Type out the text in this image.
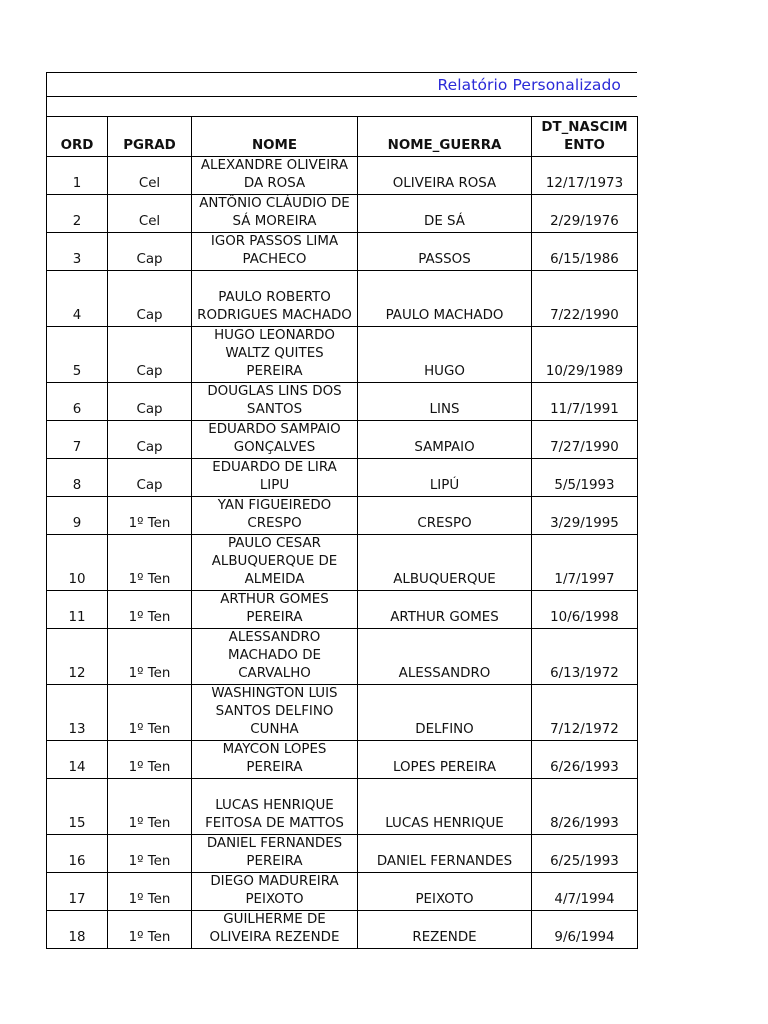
Relatório Personalizado
ORD	PGRAD	NOME	NOME_GUERRA	DT_NASCIM
ENTO
1	Cel	ALEXANDRE OLIVEIRA
DA ROSA	OLIVEIRA ROSA	12/17/1973
2	Cel	ANTÔNIO CLÁUDIO DE
SÁ MOREIRA	DE SÁ	2/29/1976
3	Cap	IGOR PASSOS LIMA
PACHECO	PASSOS	6/15/1986
4	Cap	PAULO ROBERTO
RODRIGUES MACHADO	PAULO MACHADO	7/22/1990
5	Cap	HUGO LEONARDO
WALTZ QUITES
PEREIRA	HUGO	10/29/1989
6	Cap	DOUGLAS LINS DOS
SANTOS	LINS	11/7/1991
7	Cap	EDUARDO SAMPAIO
GONÇALVES	SAMPAIO	7/27/1990
8	Cap	EDUARDO DE LIRA
LIPU	LIPÚ	5/5/1993
9	1º Ten	YAN FIGUEIREDO
CRESPO	CRESPO	3/29/1995
10	1º Ten	PAULO CESAR
ALBUQUERQUE DE
ALMEIDA	ALBUQUERQUE	1/7/1997
11	1º Ten	ARTHUR GOMES
PEREIRA	ARTHUR GOMES	10/6/1998
12	1º Ten	ALESSANDRO
MACHADO DE
CARVALHO	ALESSANDRO	6/13/1972
13	1º Ten	WASHINGTON LUIS
SANTOS DELFINO
CUNHA	DELFINO	7/12/1972
14	1º Ten	MAYCON LOPES
PEREIRA	LOPES PEREIRA	6/26/1993
15	1º Ten	LUCAS HENRIQUE
FEITOSA DE MATTOS	LUCAS HENRIQUE	8/26/1993
16	1º Ten	DANIEL FERNANDES
PEREIRA	DANIEL FERNANDES	6/25/1993
17	1º Ten	DIEGO MADUREIRA
PEIXOTO	PEIXOTO	4/7/1994
18	1º Ten	GUILHERME DE
OLIVEIRA REZENDE	REZENDE	9/6/1994
